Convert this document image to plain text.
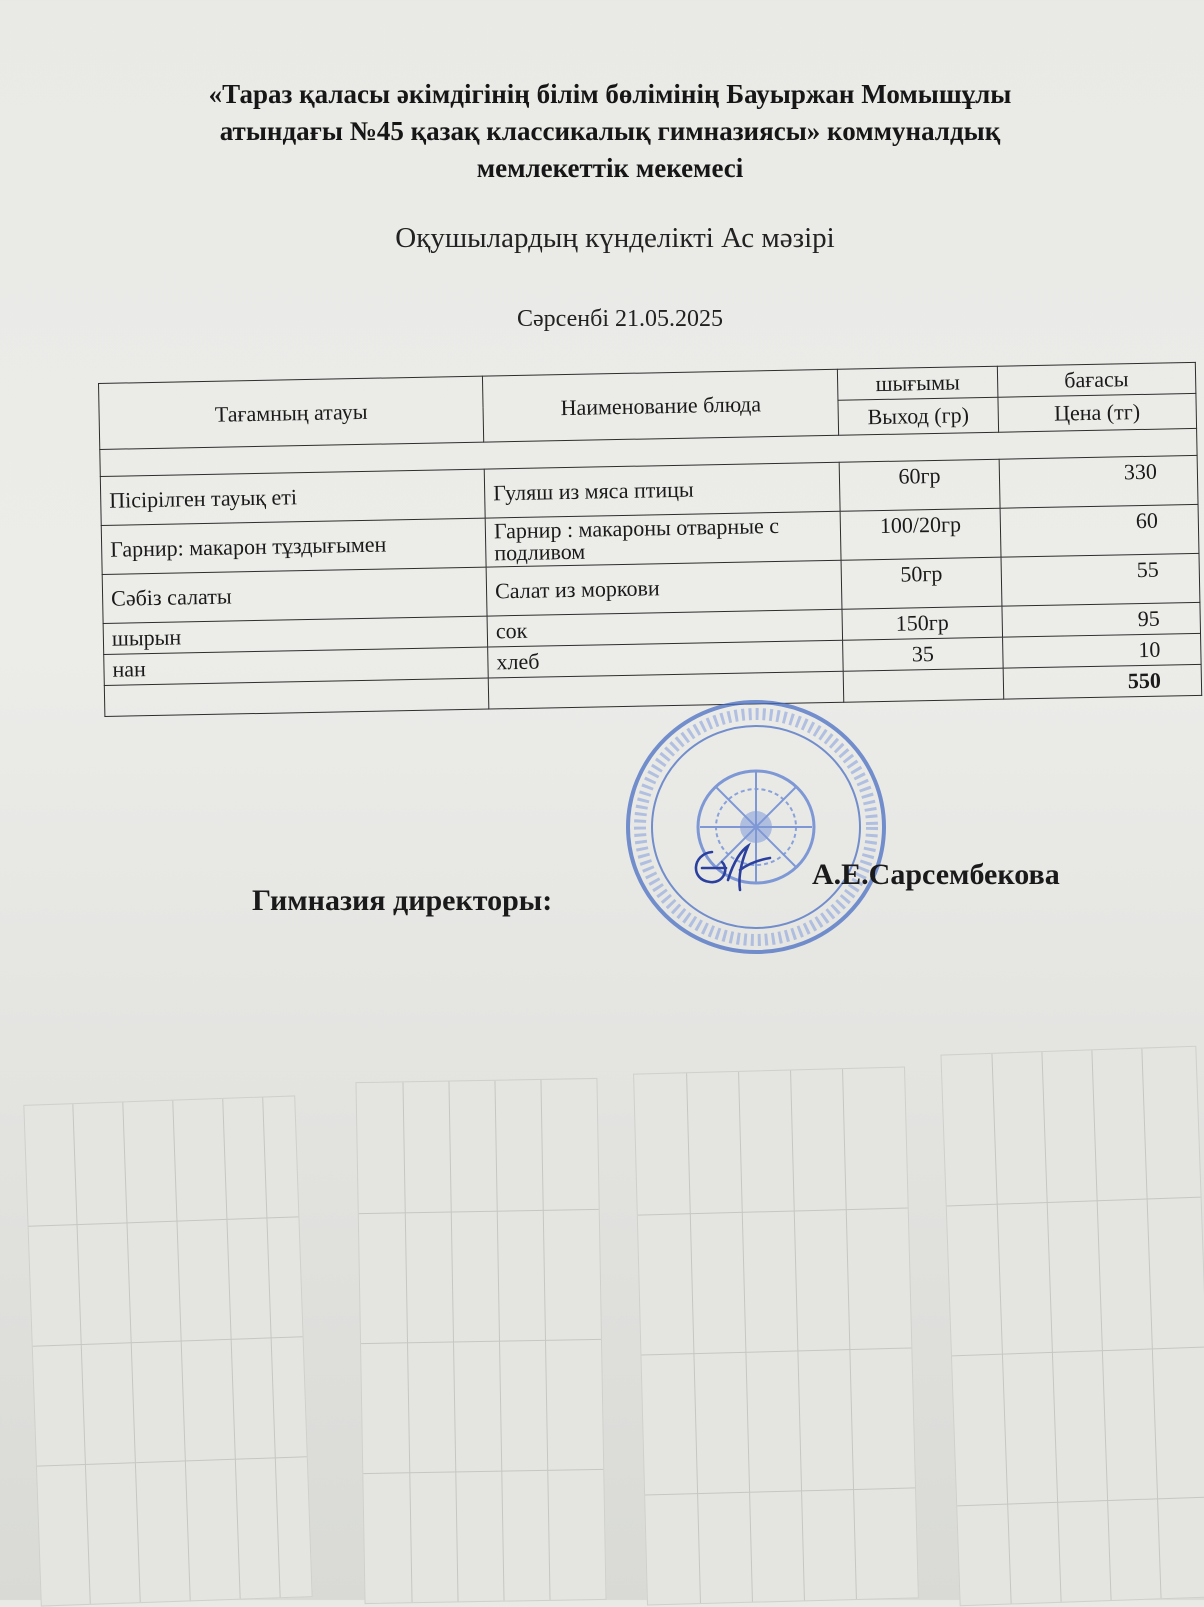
«Тараз қаласы әкімдігінің білім бөлімінің Бауыржан Момышұлы
атындағы №45 қазақ классикалық гимназиясы» коммуналдық
мемлекеттік мекемесі
Оқушылардың күнделікті Ас мәзірі
Сәрсенбі 21.05.2025
Тағамның атауы	Наименование блюда	шығымы	бағасы
		Выход (гр)	Цена (тг)

Пісірілген тауық еті	Гуляш из мяса птицы	60гр	330
Гарнир: макарон тұздығымен	Гарнир : макароны отварные с подливом	100/20гр	60
Сәбіз салаты	Салат из моркови	50гр	55
шырын	сок	150гр	95
нан	хлеб	35	10
			550
Гимназия директоры:
А.Е.Сарсембекова
